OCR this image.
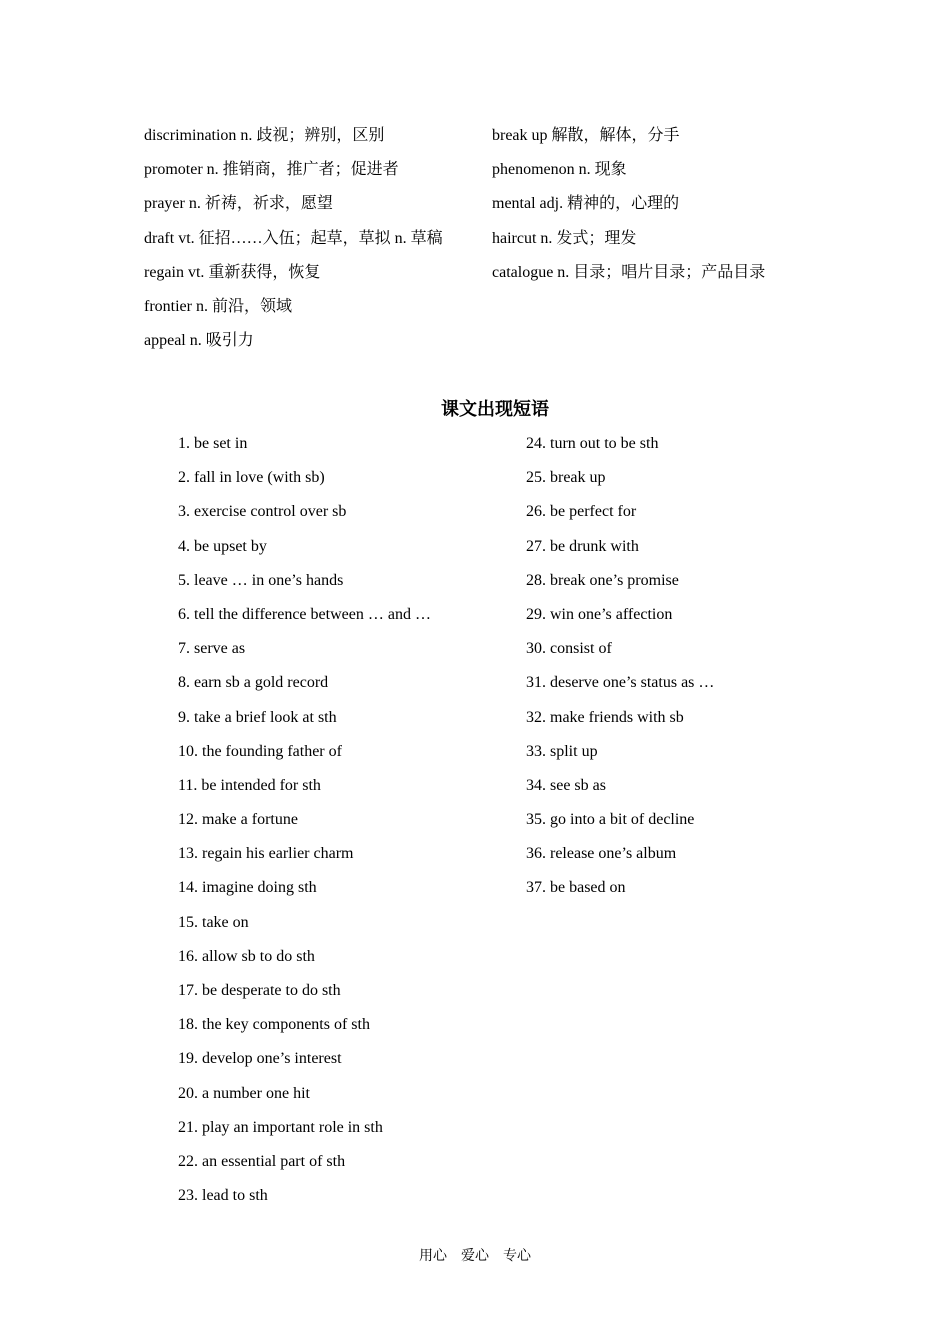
discrimination n. 歧视；辨别，区别
promoter n. 推销商，推广者；促进者
prayer n. 祈祷，祈求，愿望
draft vt. 征招……入伍；起草，草拟 n. 草稿
regain vt. 重新获得，恢复
frontier n. 前沿，领域
appeal n. 吸引力
break up 解散，解体，分手
phenomenon n. 现象
mental adj. 精神的，心理的
haircut n. 发式；理发
catalogue n. 目录；唱片目录；产品目录
课文出现短语
1. be set in
2. fall in love (with sb)
3. exercise control over sb
4. be upset by
5. leave … in one’s hands
6. tell the difference between … and …
7. serve as
8. earn sb a gold record
9. take a brief look at sth
10. the founding father of
11. be intended for sth
12. make a fortune
13. regain his earlier charm
14. imagine doing sth
15. take on
16. allow sb to do sth
17. be desperate to do sth
18. the key components of sth
19. develop one’s interest
20. a number one hit
21. play an important role in sth
22. an essential part of sth
23. lead to sth
24. turn out to be sth
25. break up
26. be perfect for
27. be drunk with
28. break one’s promise
29. win one’s affection
30. consist of
31. deserve one’s status as …
32. make friends with sb
33. split up
34. see sb as
35. go into a bit of decline
36. release one’s album
37. be based on
用心　爱心　专心
